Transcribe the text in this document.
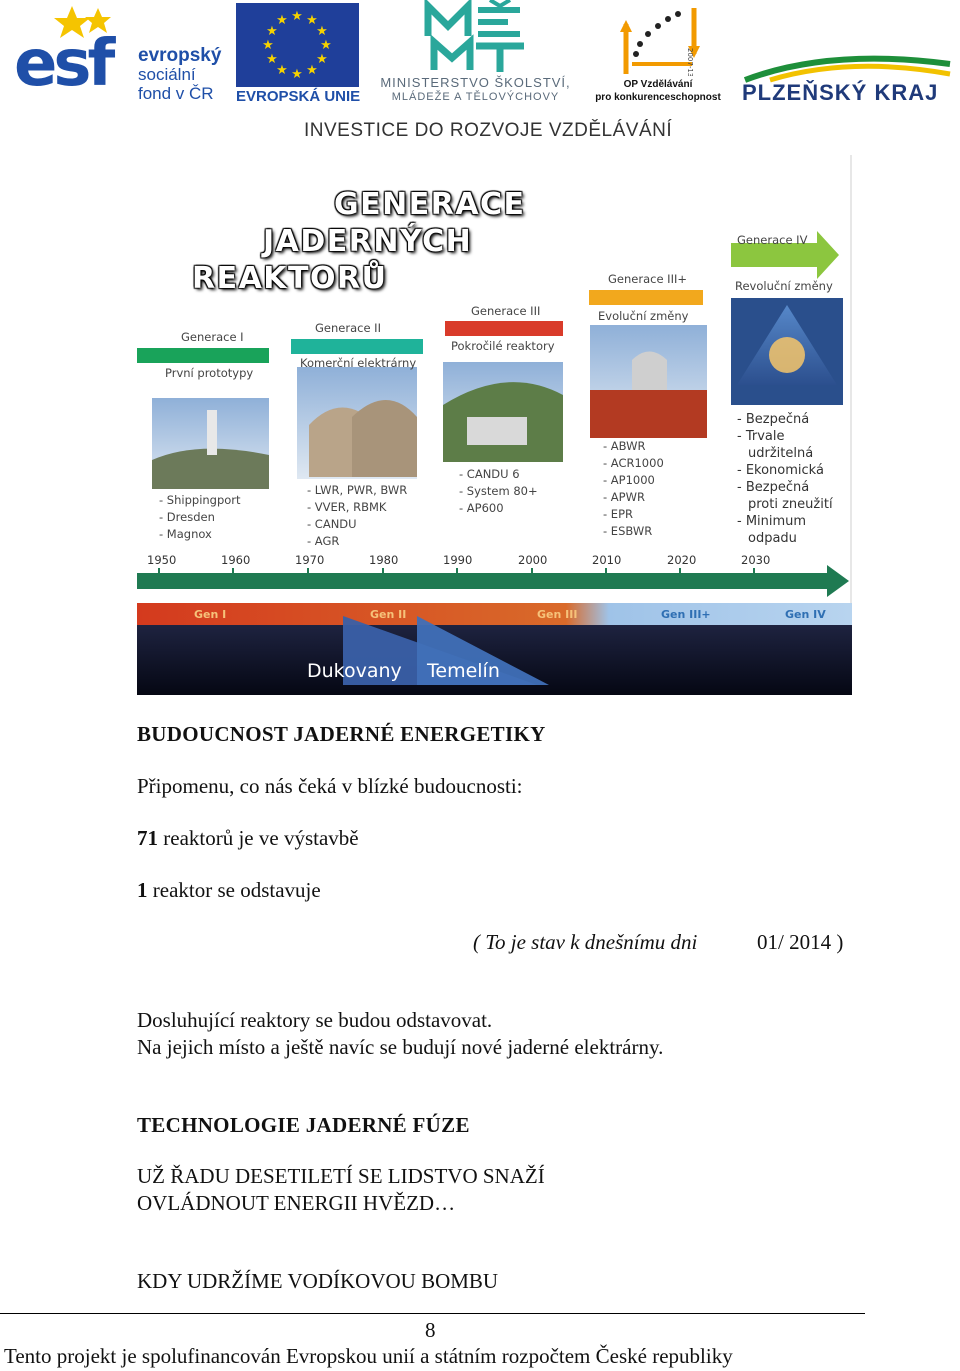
esf evropský
sociální
fond v ČR
★ ★
★
★
★
★
★
★
★
★
★
★
EVROPSKÁ UNIE
MINISTERSTVO ŠKOLSTVÍ,
MLÁDEŽE A TĚLOVÝCHOVY
2007-13
OP Vzdělávání
pro konkurenceschopnost PLZEŇSKÝ KRAJ
INVESTICE DO ROZVOJE VZDĚLÁVÁNÍ
GENERACE
JADERNÝCH
REAKTORŮ
Generace I
První prototypy
- Shippingport
- Dresden
- Magnox
Generace II
Komerční elektrárny
- LWR, PWR, BWR
- VVER, RBMK
- CANDU
- AGR
Generace III
Pokročilé reaktory
- CANDU 6
- System 80+
- AP600
Generace III+
Evoluční změny
- ABWR
- ACR1000
- AP1000
- APWR
- EPR
- ESBWR
Generace IV
Revoluční změny
- Bezpečná
- Trvale
udržitelná
- Ekonomická
- Bezpečná
proti zneužití
- Minimum
odpadu
1950	1960	1970	1980	1990	2000	2010	2020	2030
Gen I	Gen II	Gen III	Gen III+	Gen IV
Dukovany Temelín
BUDOUCNOST JADERNÉ ENERGETIKY
Připomenu, co nás čeká v blízké budoucnosti:
71 reaktorů je ve výstavbě
1 reaktor se odstavuje
( To je stav k dnešnímu dni	01/ 2014 )
Dosluhující reaktory se budou odstavovat.
Na jejich místo a ještě navíc se budují nové jaderné elektrárny.
TECHNOLOGIE JADERNÉ FÚZE
UŽ ŘADU DESETILETÍ SE LIDSTVO SNAŽÍ
OVLÁDNOUT ENERGII HVĚZD…
KDY UDRŽÍME VODÍKOVOU BOMBU
8
Tento projekt je spolufinancován Evropskou unií a státním rozpočtem České republiky
